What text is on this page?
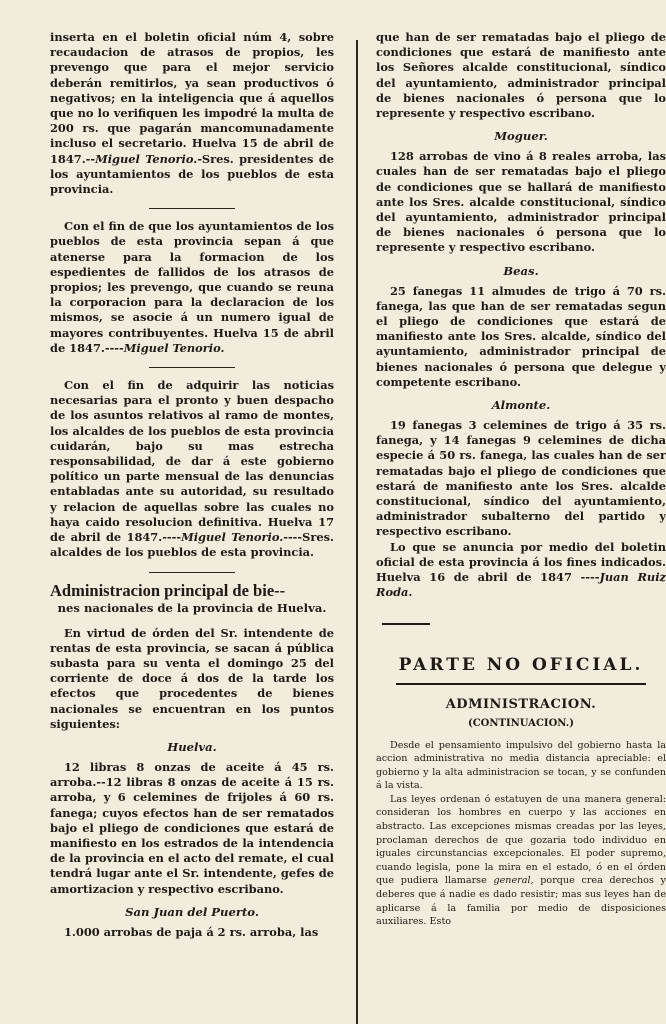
inserta en el boletin oficial núm 4, sobre recaudacion de atrasos de propios, les prevengo que para el mejor servicio deberán remitirlos, ya sean productivos ó negativos; en la inteligencia que á aquellos que no lo verifiquen les impodré la multa de 200 rs. que pagarán mancomunadamente incluso el secretario. Huelva 15 de abril de 1847.--Miguel Tenorio.-Sres. presidentes de los ayuntamientos de los pueblos de esta provincia.

Con el fin de que los ayuntamientos de los pueblos de esta provincia sepan á que atenerse para la formacion de los espedientes de fallidos de los atrasos de propios; les prevengo, que cuando se reuna la corporacion para la declaracion de los mismos, se asocie á un numero igual de mayores contribuyentes. Huelva 15 de abril de 1847.----Miguel Tenorio.

Con el fin de adquirir las noticias necesarias para el pronto y buen despacho de los asuntos relativos al ramo de montes, los alcaldes de los pueblos de esta provincia cuidarán, bajo su mas estrecha responsabilidad, de dar á este gobierno político un parte mensual de las denuncias entabladas ante su autoridad, su resultado y relacion de aquellas sobre las cuales no haya caido resolucion definitiva. Huelva 17 de abril de 1847.----Miguel Tenorio.----Sres. alcaldes de los pueblos de esta provincia.

Administracion principal de bie--
nes nacionales de la provincia de Huelva.

En virtud de órden del Sr. intendente de rentas de esta provincia, se sacan á pública subasta para su venta el domingo 25 del corriente de doce á dos de la tarde los efectos que procedentes de bienes nacionales se encuentran en los puntos siguientes:

Huelva.

12 libras 8 onzas de aceite á 45 rs. arroba.--12 libras 8 onzas de aceite á 15 rs. arroba, y 6 celemines de frijoles á 60 rs. fanega; cuyos efectos han de ser rematados bajo el pliego de condiciones que estará de manifiesto en los estrados de la intendencia de la provincia en el acto del remate, el cual tendrá lugar ante el Sr. intendente, gefes de amortizacion y respectivo escribano.

San Juan del Puerto.

1.000 arrobas de paja á 2 rs. arroba, las

que han de ser rematadas bajo el pliego de condiciones que estará de manifiesto ante los Señores alcalde constitucional, síndico del ayuntamiento, administrador principal de bienes nacionales ó persona que lo represente y respectivo escribano.

Moguer.

128 arrobas de vino á 8 reales arroba, las cuales han de ser rematadas bajo el pliego de condiciones que se hallará de manifiesto ante los Sres. alcalde constitucional, síndico del ayuntamiento, administrador principal de bienes nacionales ó persona que lo represente y respectivo escribano.

Beas.

25 fanegas 11 almudes de trigo á 70 rs. fanega, las que han de ser rematadas segun el pliego de condiciones que estará de manifiesto ante los Sres. alcalde, síndico del ayuntamiento, administrador principal de bienes nacionales ó persona que delegue y competente escribano.

Almonte.

19 fanegas 3 celemines de trigo á 35 rs. fanega, y 14 fanegas 9 celemines de dicha especie á 50 rs. fanega, las cuales han de ser rematadas bajo el pliego de condiciones que estará de manifiesto ante los Sres. alcalde constitucional, síndico del ayuntamiento, administrador subalterno del partido y respectivo escribano.

Lo que se anuncia por medio del boletin oficial de esta provincia á los fines indicados. Huelva 16 de abril de 1847 ----Juan Ruiz Roda.

PARTE NO OFICIAL.
ADMINISTRACION.
(CONTINUACION.)

Desde el pensamiento impulsivo del gobierno hasta la accion administrativa no media distancia apreciable: el gobierno y la alta administracion se tocan, y se confunden á la vista.

Las leyes ordenan ó estatuyen de una manera general: consideran los hombres en cuerpo y las acciones en abstracto. Las excepciones mismas creadas por las leyes, proclaman derechos de que gozaria todo individuo en iguales circunstancias excepcionales. El poder supremo, cuando legisla, pone la mira en el estado, ó en el órden que pudiera llamarse general, porque crea derechos y deberes que á nadie es dado resistir; mas sus leyes han de aplicarse á la familia por medio de disposiciones auxiliares. Esto
